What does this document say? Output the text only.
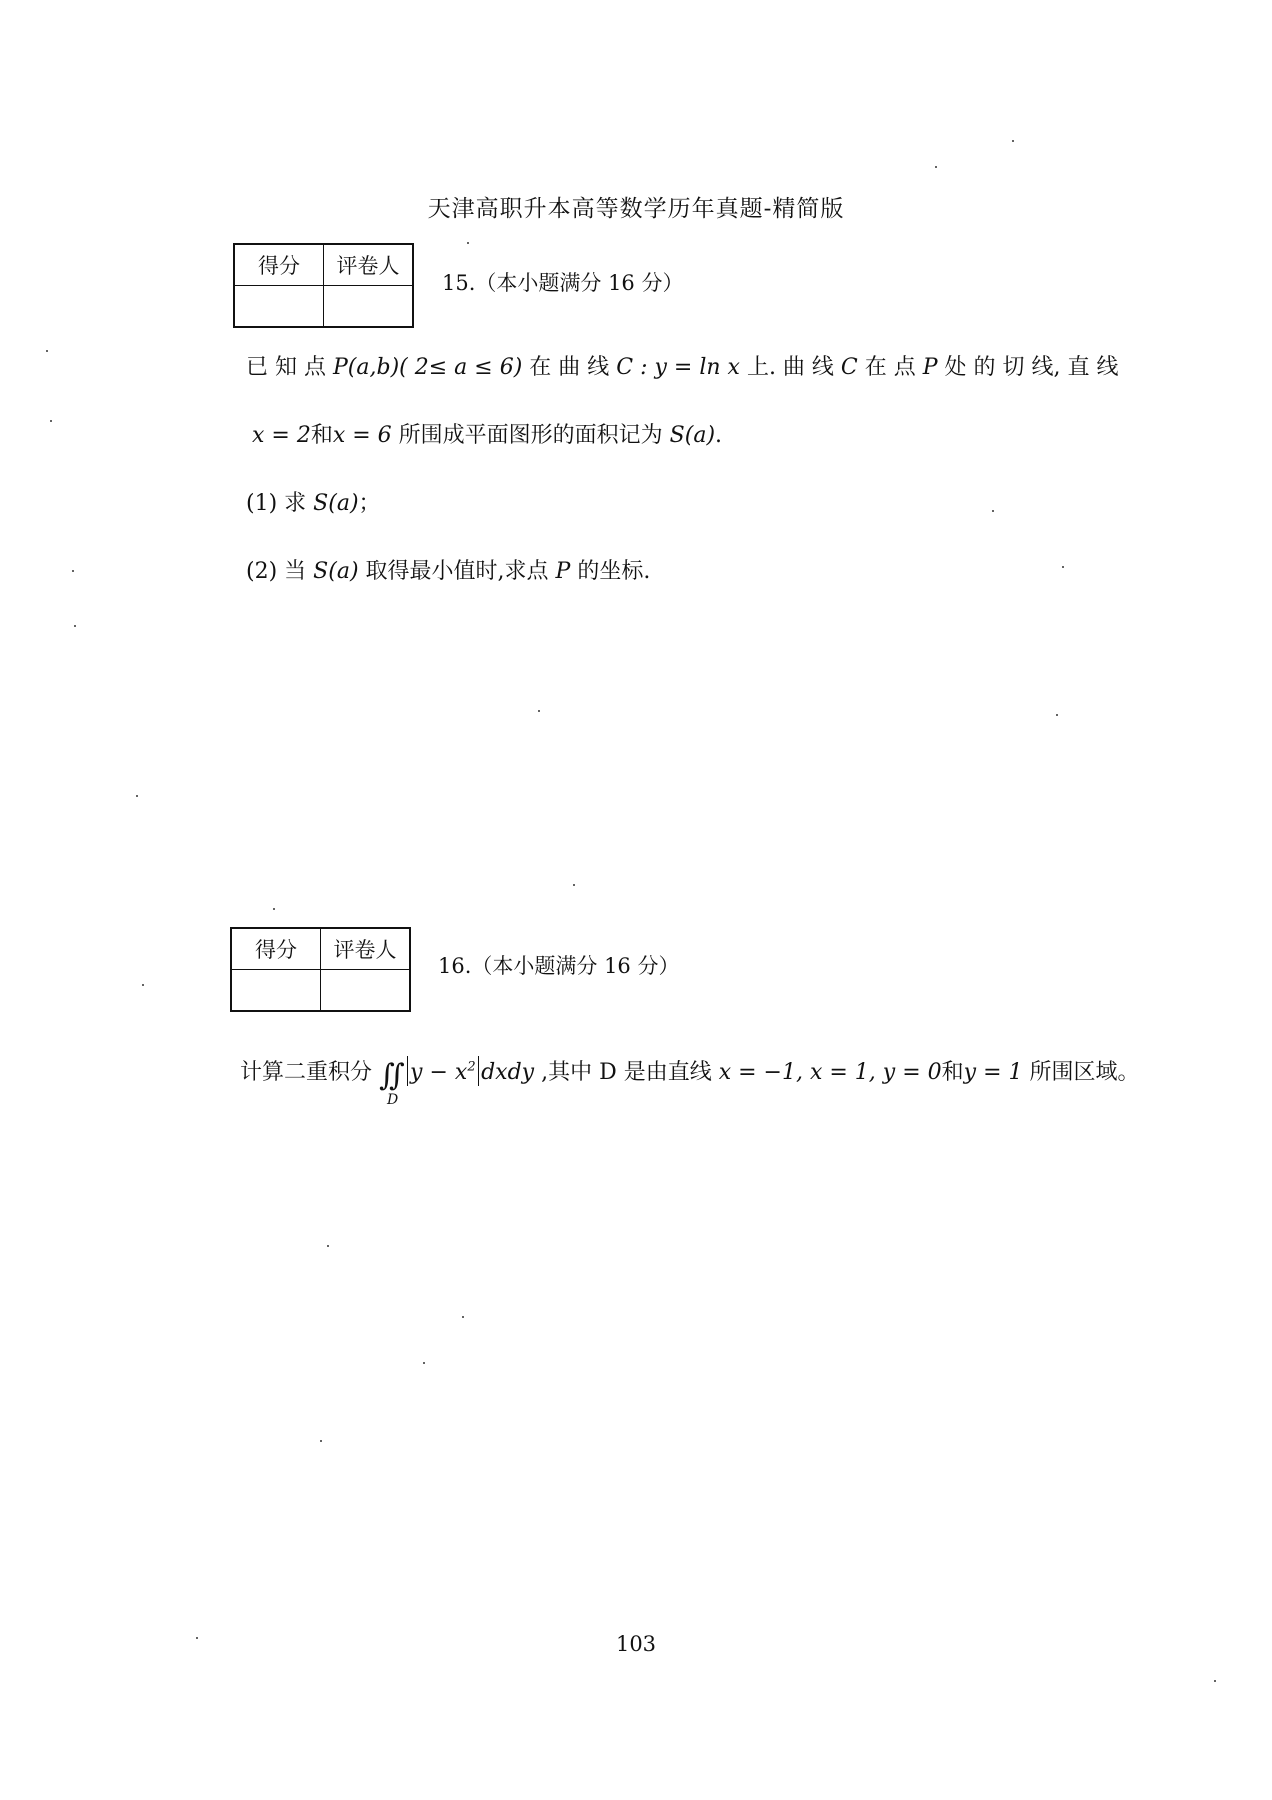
天津高职升本高等数学历年真题-精简版
得分	评卷人

15.（本小题满分 16 分）
已 知 点 P(a,b)( 2≤ a ≤ 6) 在 曲 线 C : y = ln x 上. 曲 线 C 在 点 P 处 的 切 线, 直 线
x = 2和x = 6 所围成平面图形的面积记为 S(a).
(1) 求 S(a)；
(2) 当 S(a) 取得最小值时,求点 P 的坐标.
得分	评卷人

16.（本小题满分 16 分）
计算二重积分 ∬
D
$y - x^2$ dxdy ,其中 D 是由直线 x = −1, x = 1, y = 0和y = 1 所围区域。
103
